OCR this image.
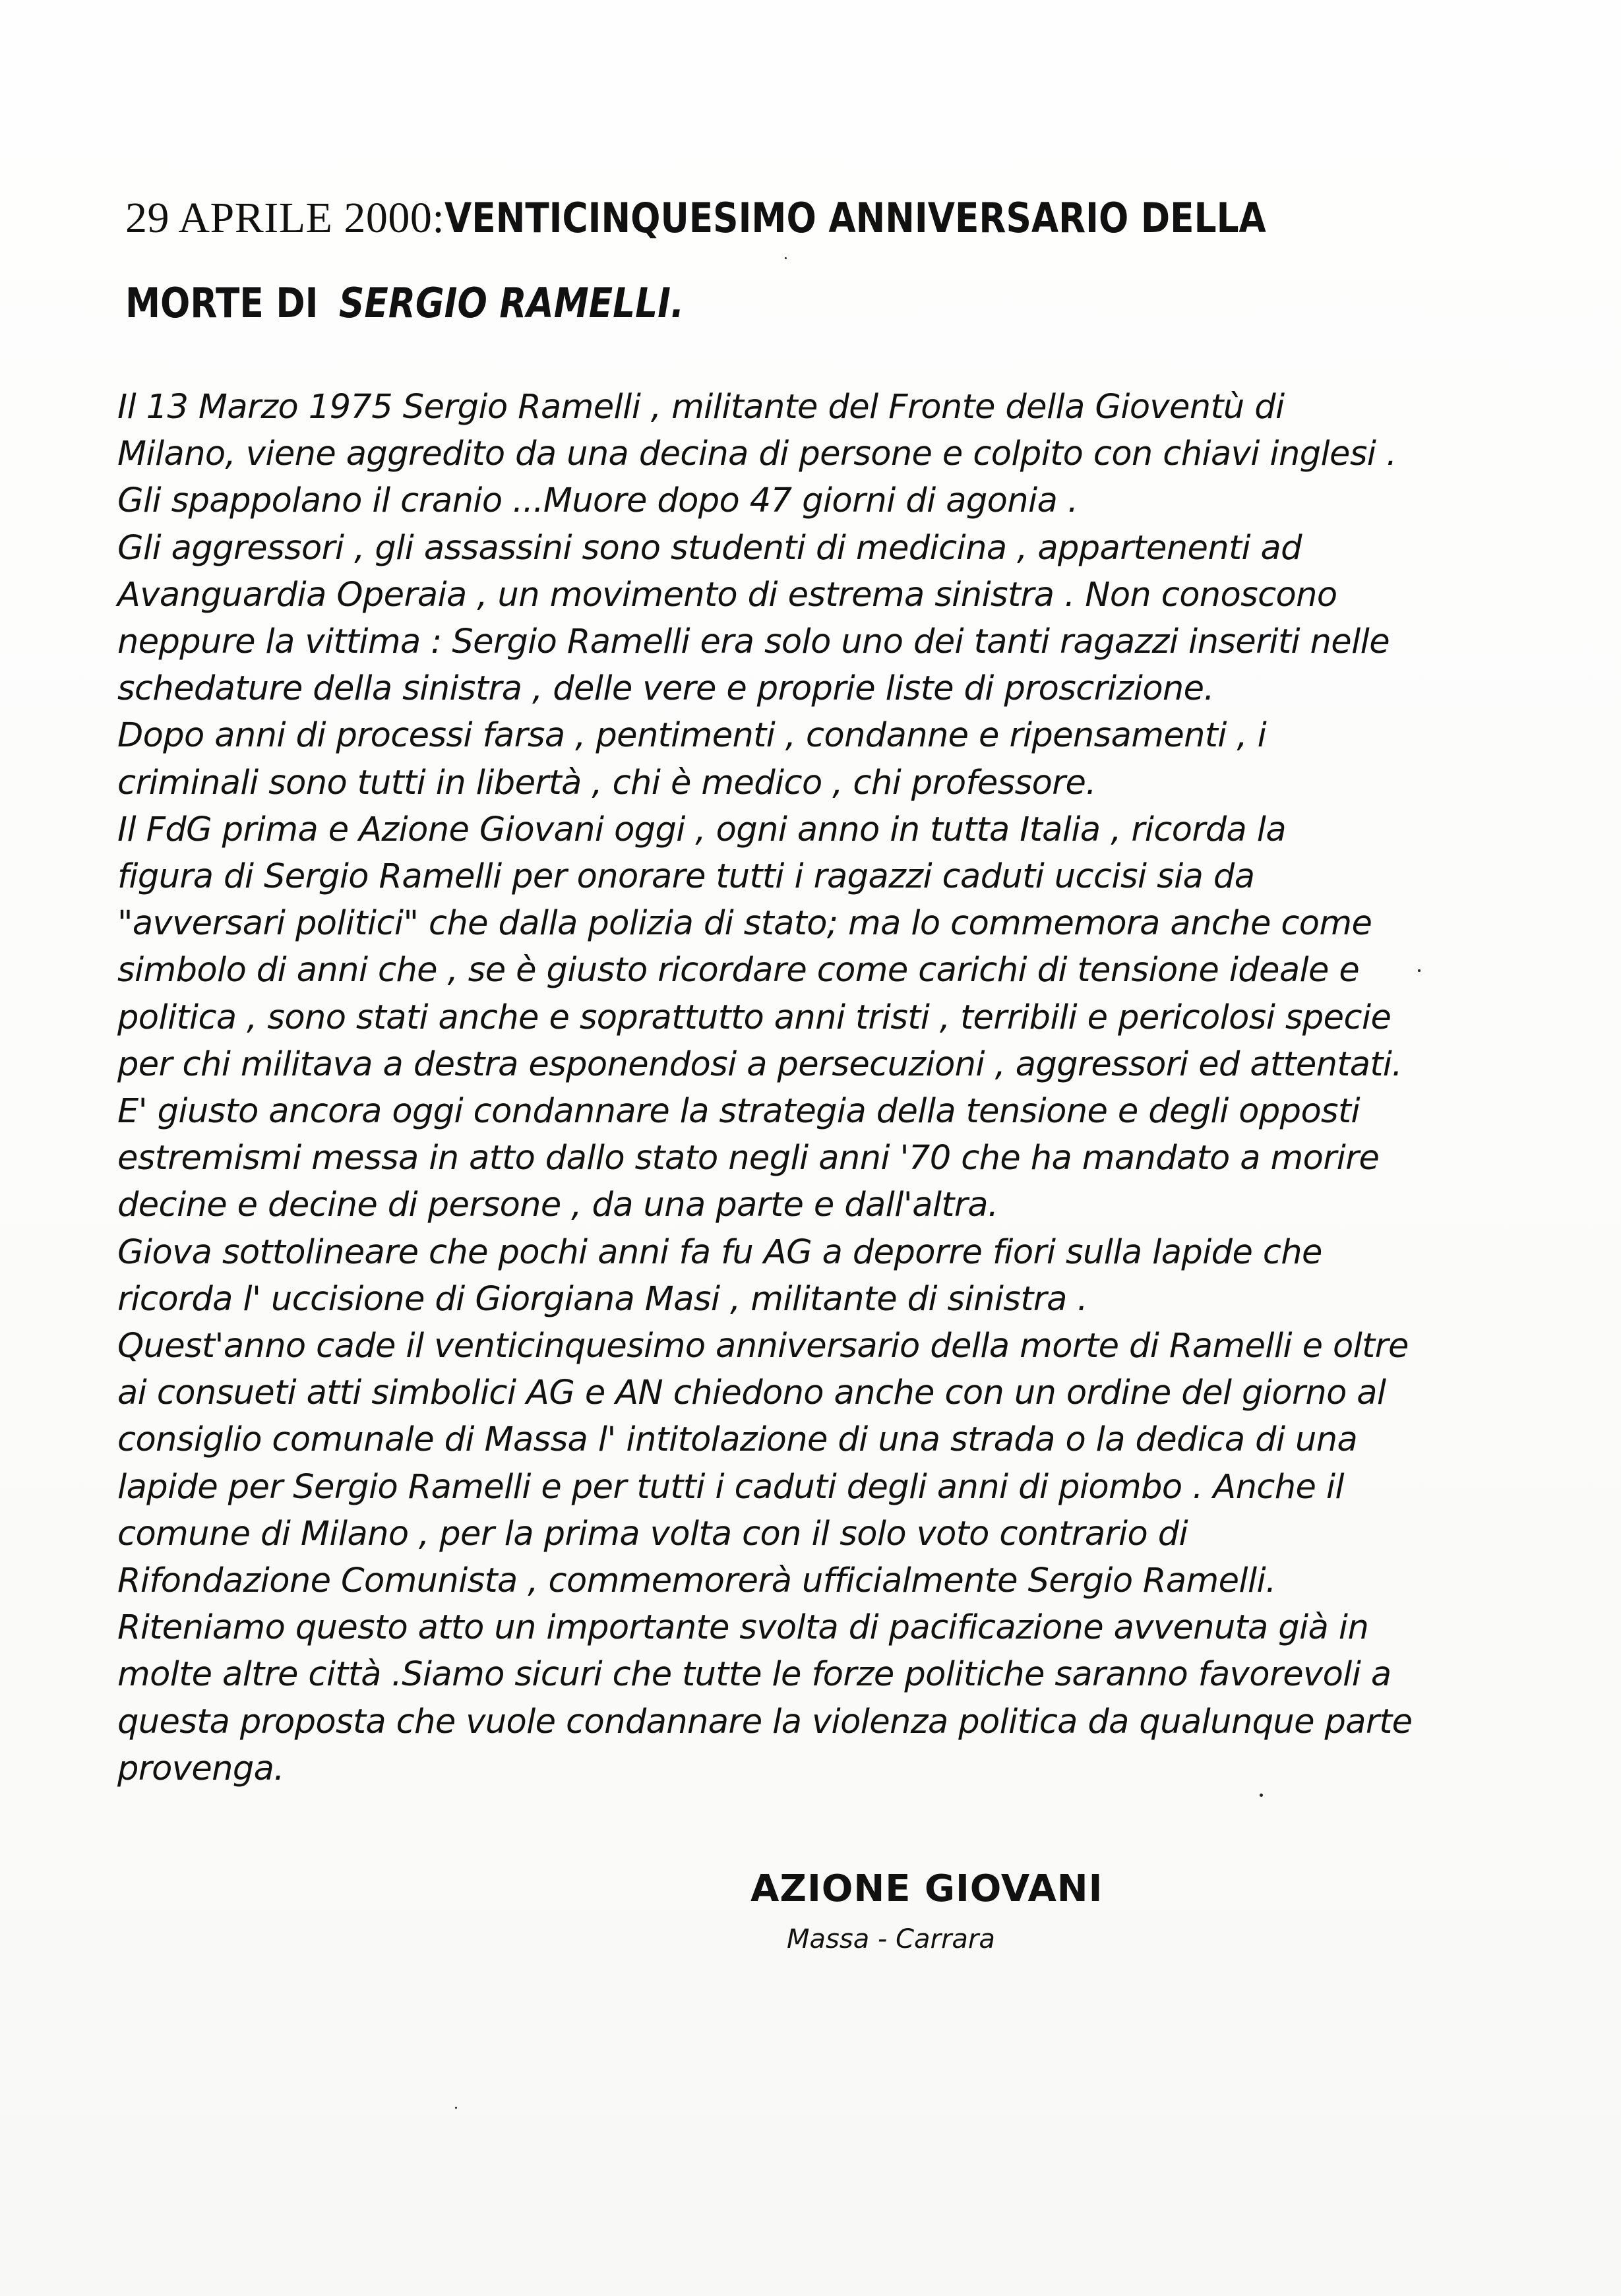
29 APRILE 2000:VENTICINQUESIMO ANNIVERSARIO DELLA
MORTE DI SERGIO RAMELLI.
Il 13 Marzo 1975 Sergio Ramelli , militante del Fronte della Gioventù di
Milano, viene aggredito da una decina di persone e colpito con chiavi inglesi .
Gli spappolano il cranio ...Muore dopo 47 giorni di agonia .
Gli aggressori , gli assassini sono studenti di medicina , appartenenti ad
Avanguardia Operaia , un movimento di estrema sinistra . Non conoscono
neppure la vittima : Sergio Ramelli era solo uno dei tanti ragazzi inseriti nelle
schedature della sinistra , delle vere e proprie liste di proscrizione.
Dopo anni di processi farsa , pentimenti , condanne e ripensamenti , i
criminali sono tutti in libertà , chi è medico , chi professore.
Il FdG prima e Azione Giovani oggi , ogni anno in tutta Italia , ricorda la
figura di Sergio Ramelli per onorare tutti i ragazzi caduti uccisi sia da
"avversari politici" che dalla polizia di stato; ma lo commemora anche come
simbolo di anni che , se è giusto ricordare come carichi di tensione ideale e
politica , sono stati anche e soprattutto anni tristi , terribili e pericolosi specie
per chi militava a destra esponendosi a persecuzioni , aggressori ed attentati.
E' giusto ancora oggi condannare la strategia della tensione e degli opposti
estremismi messa in atto dallo stato negli anni '70 che ha mandato a morire
decine e decine di persone , da una parte e dall'altra.
Giova sottolineare che pochi anni fa fu AG a deporre fiori sulla lapide che
ricorda l' uccisione di Giorgiana Masi , militante di sinistra .
Quest'anno cade il venticinquesimo anniversario della morte di Ramelli e oltre
ai consueti atti simbolici AG e AN chiedono anche con un ordine del giorno al
consiglio comunale di Massa l' intitolazione di una strada o la dedica di una
lapide per Sergio Ramelli e per tutti i caduti degli anni di piombo . Anche il
comune di Milano , per la prima volta con il solo voto contrario di
Rifondazione Comunista , commemorerà ufficialmente Sergio Ramelli.
Riteniamo questo atto un importante svolta di pacificazione avvenuta già in
molte altre città .Siamo sicuri che tutte le forze politiche saranno favorevoli a
questa proposta che vuole condannare la violenza politica da qualunque parte
provenga.
AZIONE GIOVANI
Massa - Carrara
